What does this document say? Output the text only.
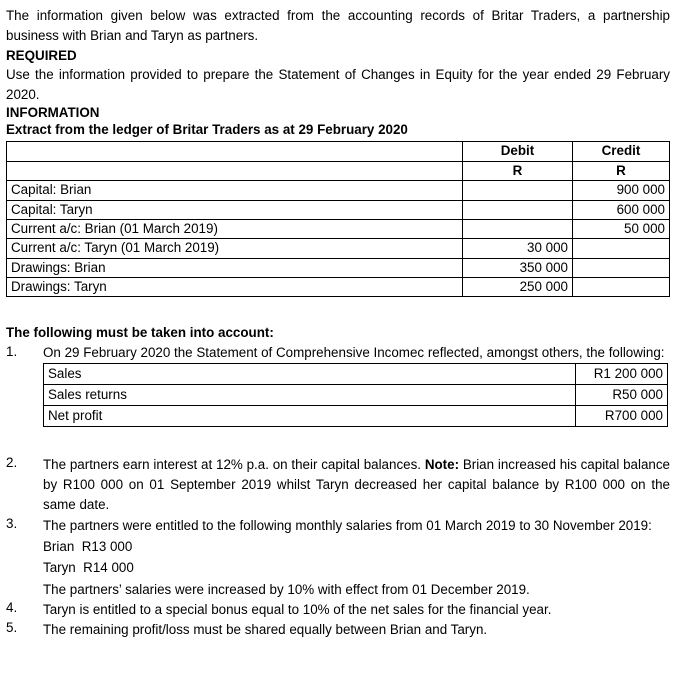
The information given below was extracted from the accounting records of Britar Traders, a partnership business with Brian and Taryn as partners.

REQUIRED

Use the information provided to prepare the Statement of Changes in Equity for the year ended 29 February 2020.

INFORMATION

Extract from the ledger of Britar Traders as at 29 February 2020

	Debit	Credit
	R	R
Capital: Brian		900 000
Capital: Taryn		600 000
Current a/c: Brian (01 March 2019)		50 000
Current a/c: Taryn (01 March 2019)	30 000	
Drawings: Brian	350 000	
Drawings: Taryn	250 000	

The following must be taken into account:

1. On 29 February 2020 the Statement of Comprehensive Incomec reflected, amongst others, the following:

Sales	R1 200 000
Sales returns	R50 000
Net profit	R700 000
2. The partners earn interest at 12% p.a. on their capital balances. Note: Brian increased his capital balance by R100 000 on 01 September 2019 whilst Taryn decreased her capital balance by R100 000 on the same date.

3. The partners were entitled to the following monthly salaries from 01 March 2019 to 30 November 2019:

Brian  R13 000

Taryn  R14 000

The partners’ salaries were increased by 10% with effect from 01 December 2019.

4. Taryn is entitled to a special bonus equal to 10% of the net sales for the financial year.

5. The remaining profit/loss must be shared equally between Brian and Taryn.
